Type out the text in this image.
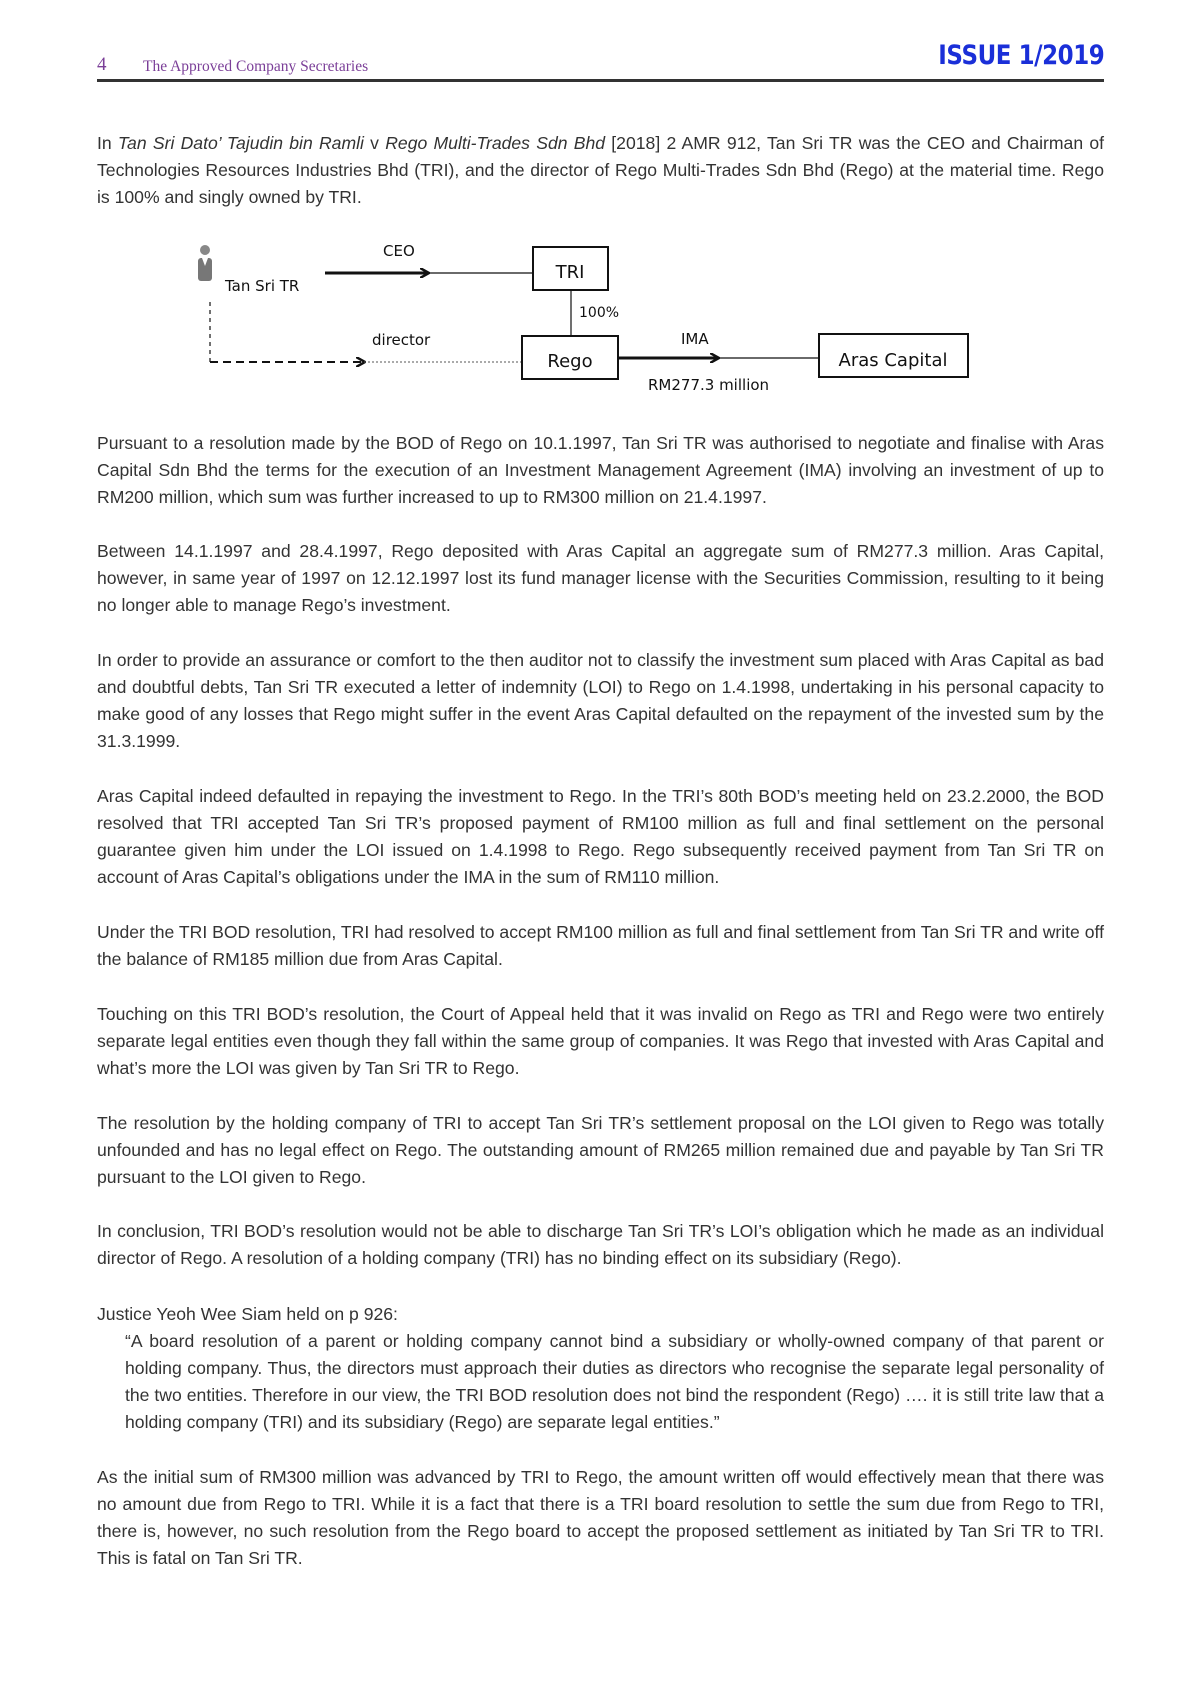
4 The Approved Company Secretaries	ISSUE 1/2019

In Tan Sri Dato’ Tajudin bin Ramli v Rego Multi-Trades Sdn Bhd [2018] 2 AMR 912, Tan Sri TR was the CEO and Chairman of Technologies Resources Industries Bhd (TRI), and the director of Rego Multi-Trades Sdn Bhd (Rego) at the material time. Rego is 100% and singly owned by TRI.

Tan Sri TR
CEO
TRI
100%
director
Rego
IMA
RM277.3 million
Aras Capital

Pursuant to a resolution made by the BOD of Rego on 10.1.1997, Tan Sri TR was authorised to negotiate and finalise with Aras Capital Sdn Bhd the terms for the execution of an Investment Management Agreement (IMA) involving an investment of up to RM200 million, which sum was further increased to up to RM300 million on 21.4.1997.

Between 14.1.1997 and 28.4.1997, Rego deposited with Aras Capital an aggregate sum of RM277.3 million. Aras Capital, however, in same year of 1997 on 12.12.1997 lost its fund manager license with the Securities Commission, resulting to it being no longer able to manage Rego’s investment.

In order to provide an assurance or comfort to the then auditor not to classify the investment sum placed with Aras Capital as bad and doubtful debts, Tan Sri TR executed a letter of indemnity (LOI) to Rego on 1.4.1998, undertaking in his personal capacity to make good of any losses that Rego might suffer in the event Aras Capital defaulted on the repayment of the invested sum by the 31.3.1999.

Aras Capital indeed defaulted in repaying the investment to Rego. In the TRI’s 80th BOD’s meeting held on 23.2.2000, the BOD resolved that TRI accepted Tan Sri TR’s proposed payment of RM100 million as full and final settlement on the personal guarantee given him under the LOI issued on 1.4.1998 to Rego. Rego subsequently received payment from Tan Sri TR on account of Aras Capital’s obligations under the IMA in the sum of RM110 million.

Under the TRI BOD resolution, TRI had resolved to accept RM100 million as full and final settlement from Tan Sri TR and write off the balance of RM185 million due from Aras Capital.

Touching on this TRI BOD’s resolution, the Court of Appeal held that it was invalid on Rego as TRI and Rego were two entirely separate legal entities even though they fall within the same group of companies. It was Rego that invested with Aras Capital and what’s more the LOI was given by Tan Sri TR to Rego.

The resolution by the holding company of TRI to accept Tan Sri TR’s settlement proposal on the LOI given to Rego was totally unfounded and has no legal effect on Rego. The outstanding amount of RM265 million remained due and payable by Tan Sri TR pursuant to the LOI given to Rego.

In conclusion, TRI BOD’s resolution would not be able to discharge Tan Sri TR’s LOI’s obligation which he made as an individual director of Rego. A resolution of a holding company (TRI) has no binding effect on its subsidiary (Rego).

Justice Yeoh Wee Siam held on p 926:

“A board resolution of a parent or holding company cannot bind a subsidiary or wholly-owned company of that parent or holding company. Thus, the directors must approach their duties as directors who recognise the separate legal personality of the two entities. Therefore in our view, the TRI BOD resolution does not bind the respondent (Rego) …. it is still trite law that a holding company (TRI) and its subsidiary (Rego) are separate legal entities.”

As the initial sum of RM300 million was advanced by TRI to Rego, the amount written off would effectively mean that there was no amount due from Rego to TRI. While it is a fact that there is a TRI board resolution to settle the sum due from Rego to TRI, there is, however, no such resolution from the Rego board to accept the proposed settlement as initiated by Tan Sri TR to TRI. This is fatal on Tan Sri TR.
